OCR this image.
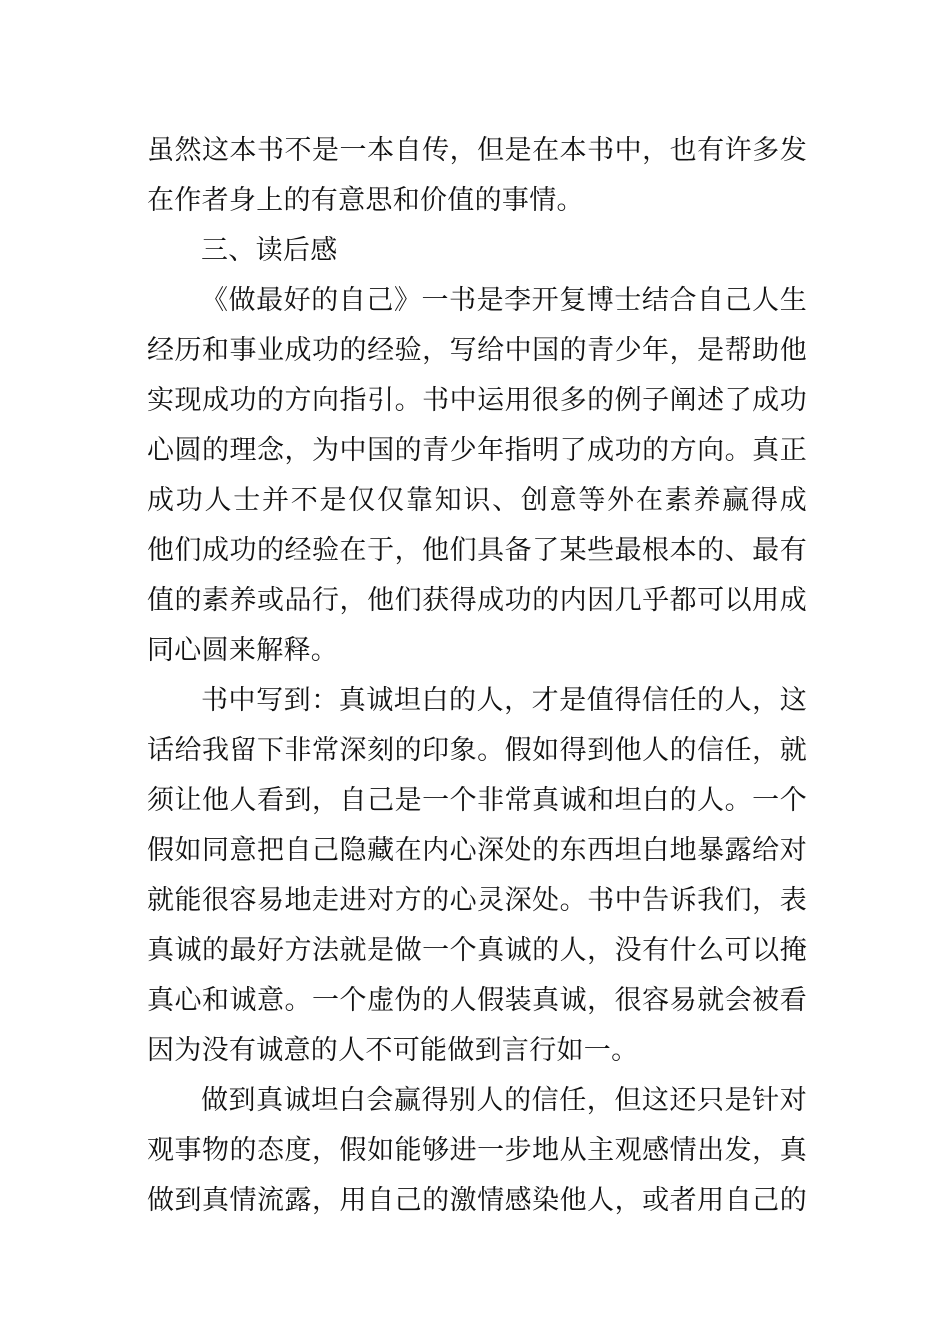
虽然这本书不是一本自传，但是在本书中，也有许多发
在作者身上的有意思和价值的事情。
三、读后感
《做最好的自己》一书是李开复博士结合自己人生
经历和事业成功的经验，写给中国的青少年，是帮助他
实现成功的方向指引。书中运用很多的例子阐述了成功
心圆的理念，为中国的青少年指明了成功的方向。真正
成功人士并不是仅仅靠知识、创意等外在素养赢得成
他们成功的经验在于，他们具备了某些最根本的、最有
值的素养或品行，他们获得成功的内因几乎都可以用成
同心圆来解释。
书中写到：真诚坦白的人，才是值得信任的人，这
话给我留下非常深刻的印象。假如得到他人的信任，就
须让他人看到，自己是一个非常真诚和坦白的人。一个
假如同意把自己隐藏在内心深处的东西坦白地暴露给对
就能很容易地走进对方的心灵深处。书中告诉我们，表
真诚的最好方法就是做一个真诚的人，没有什么可以掩
真心和诚意。一个虚伪的人假装真诚，很容易就会被看
因为没有诚意的人不可能做到言行如一。
做到真诚坦白会赢得别人的信任，但这还只是针对
观事物的态度，假如能够进一步地从主观感情出发，真
做到真情流露，用自己的激情感染他人，或者用自己的
